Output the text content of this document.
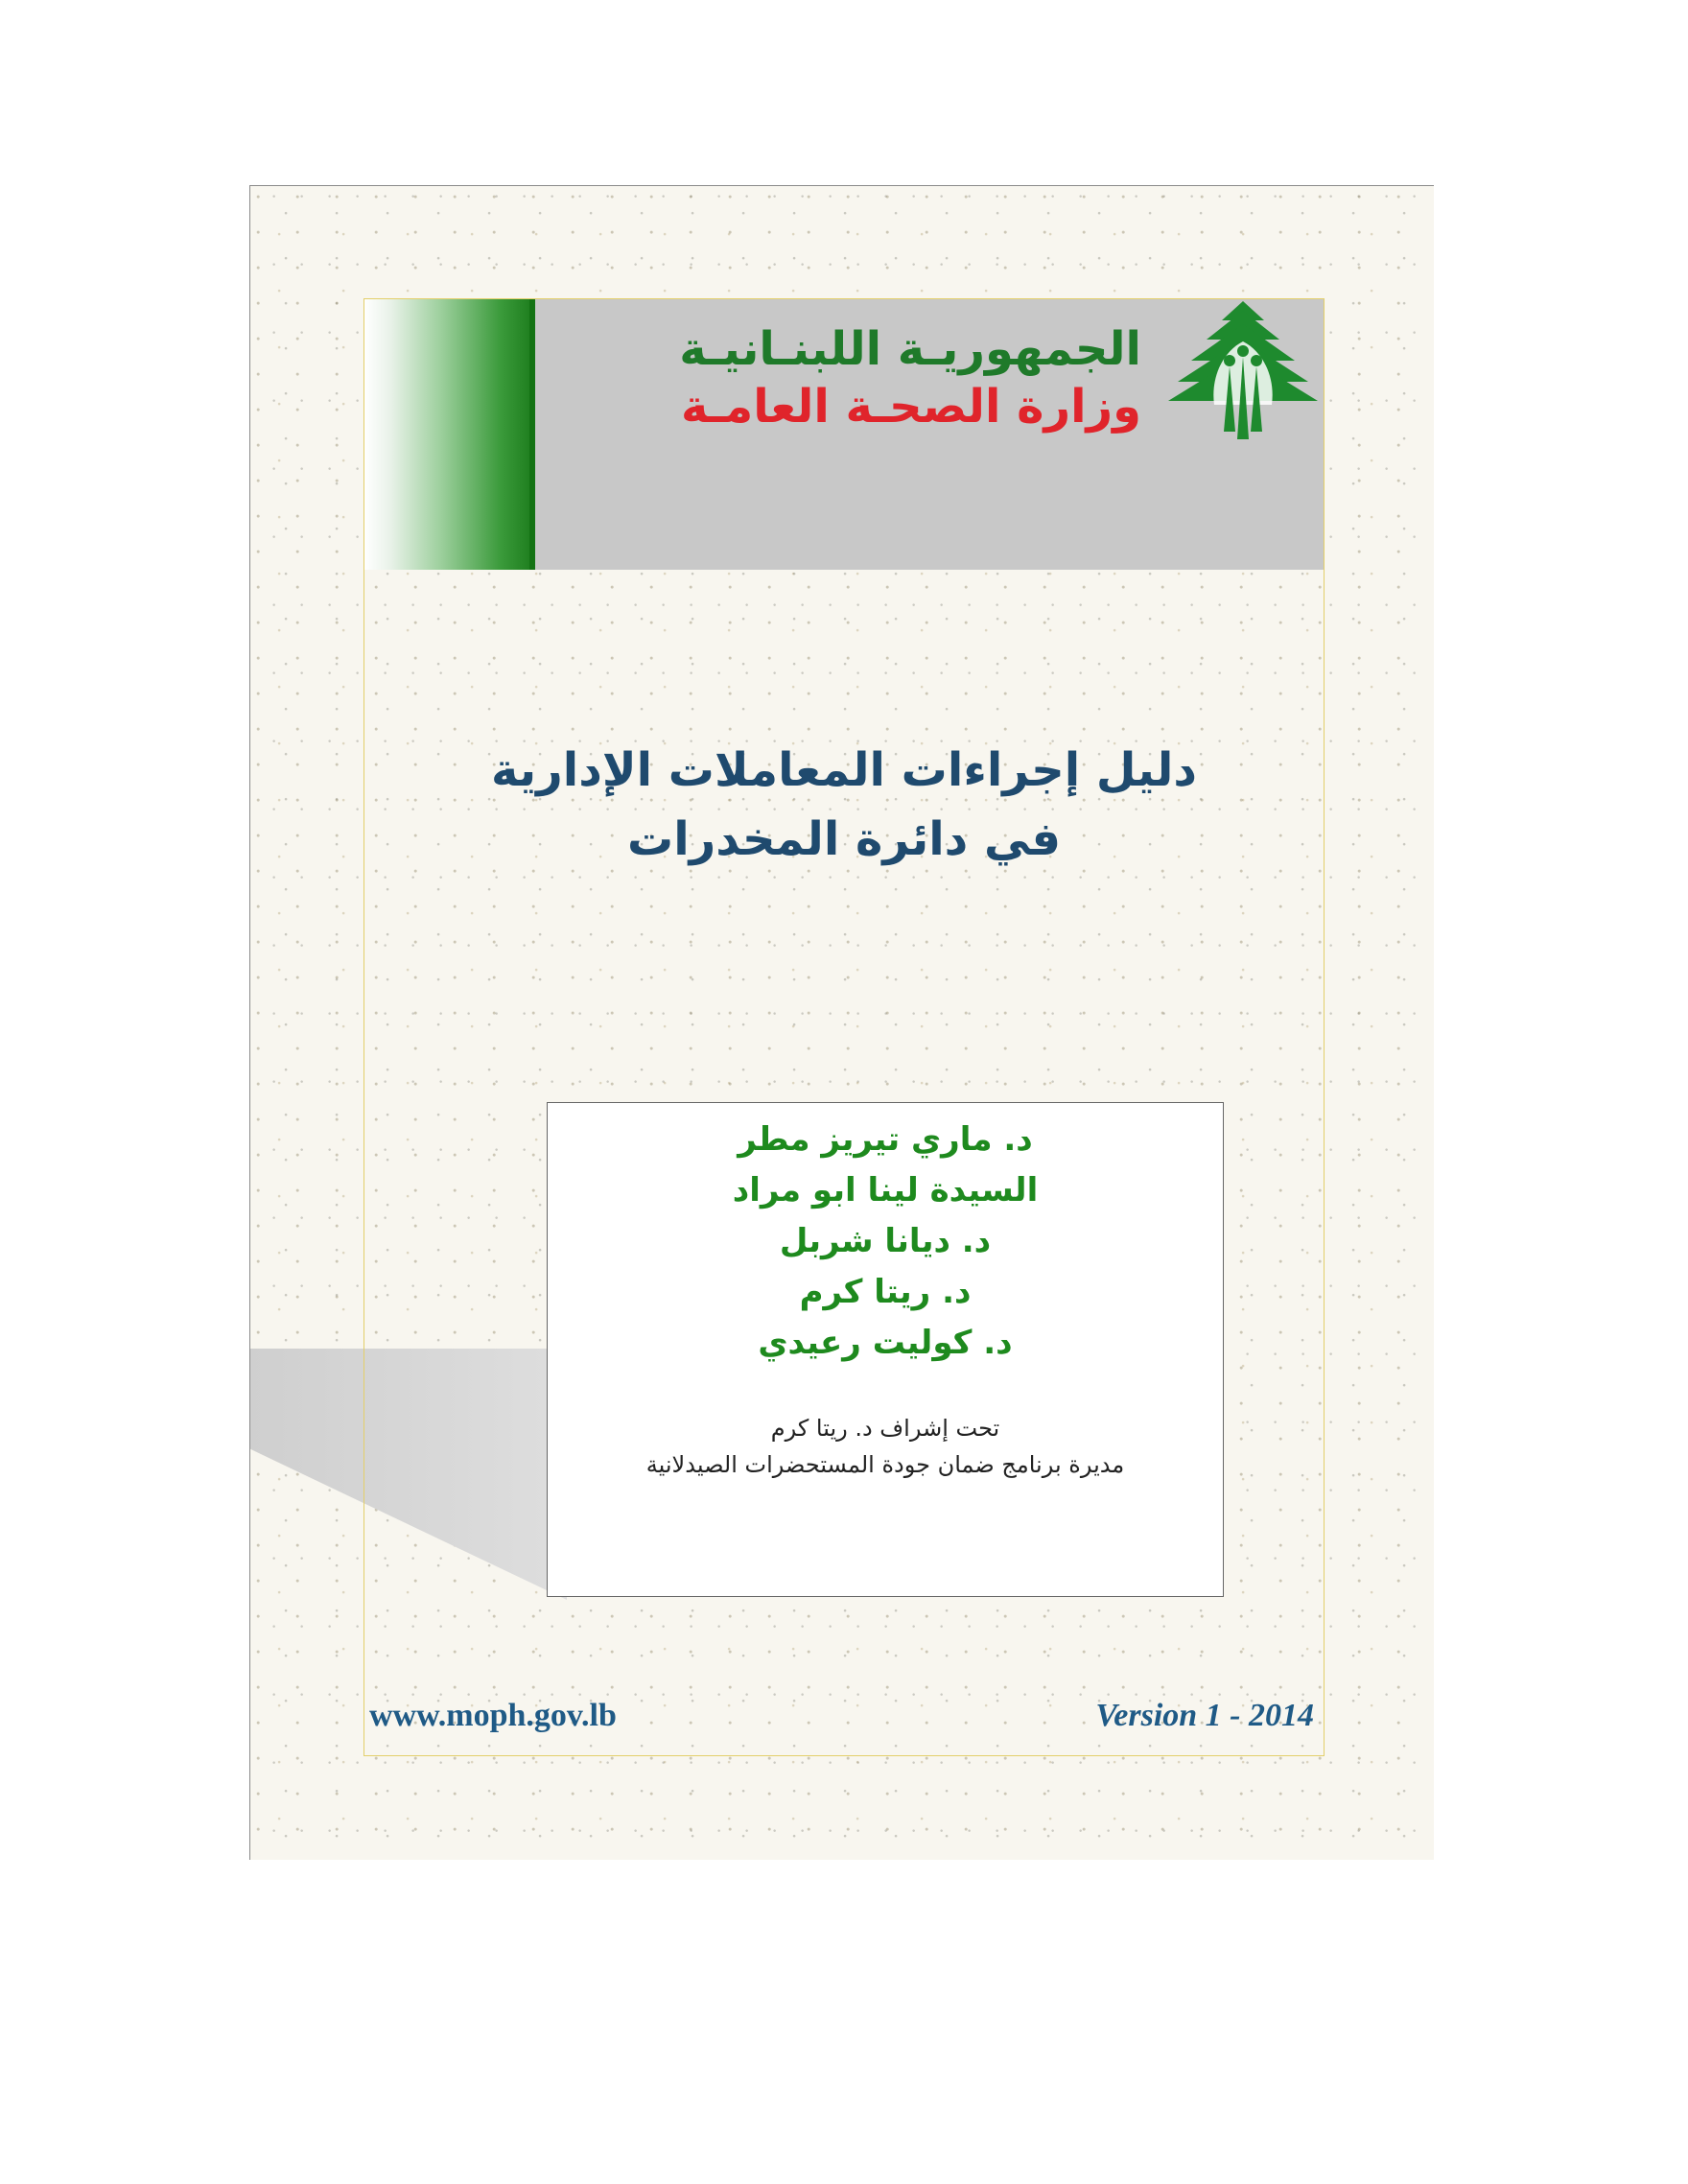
الجمهوريـة اللبنـانيـة
وزارة الصحـة العامـة
دليل إجراءات المعاملات الإدارية
في دائرة المخدرات
د. ماري تيريز مطر
السيدة لينا ابو مراد
د. ديانا شربل
د. ريتا كرم
د. كوليت رعيدي
تحت إشراف د. ريتا كرم
مديرة برنامج ضمان جودة المستحضرات الصيدلانية
www.moph.gov.lb	Version 1 - 2014
